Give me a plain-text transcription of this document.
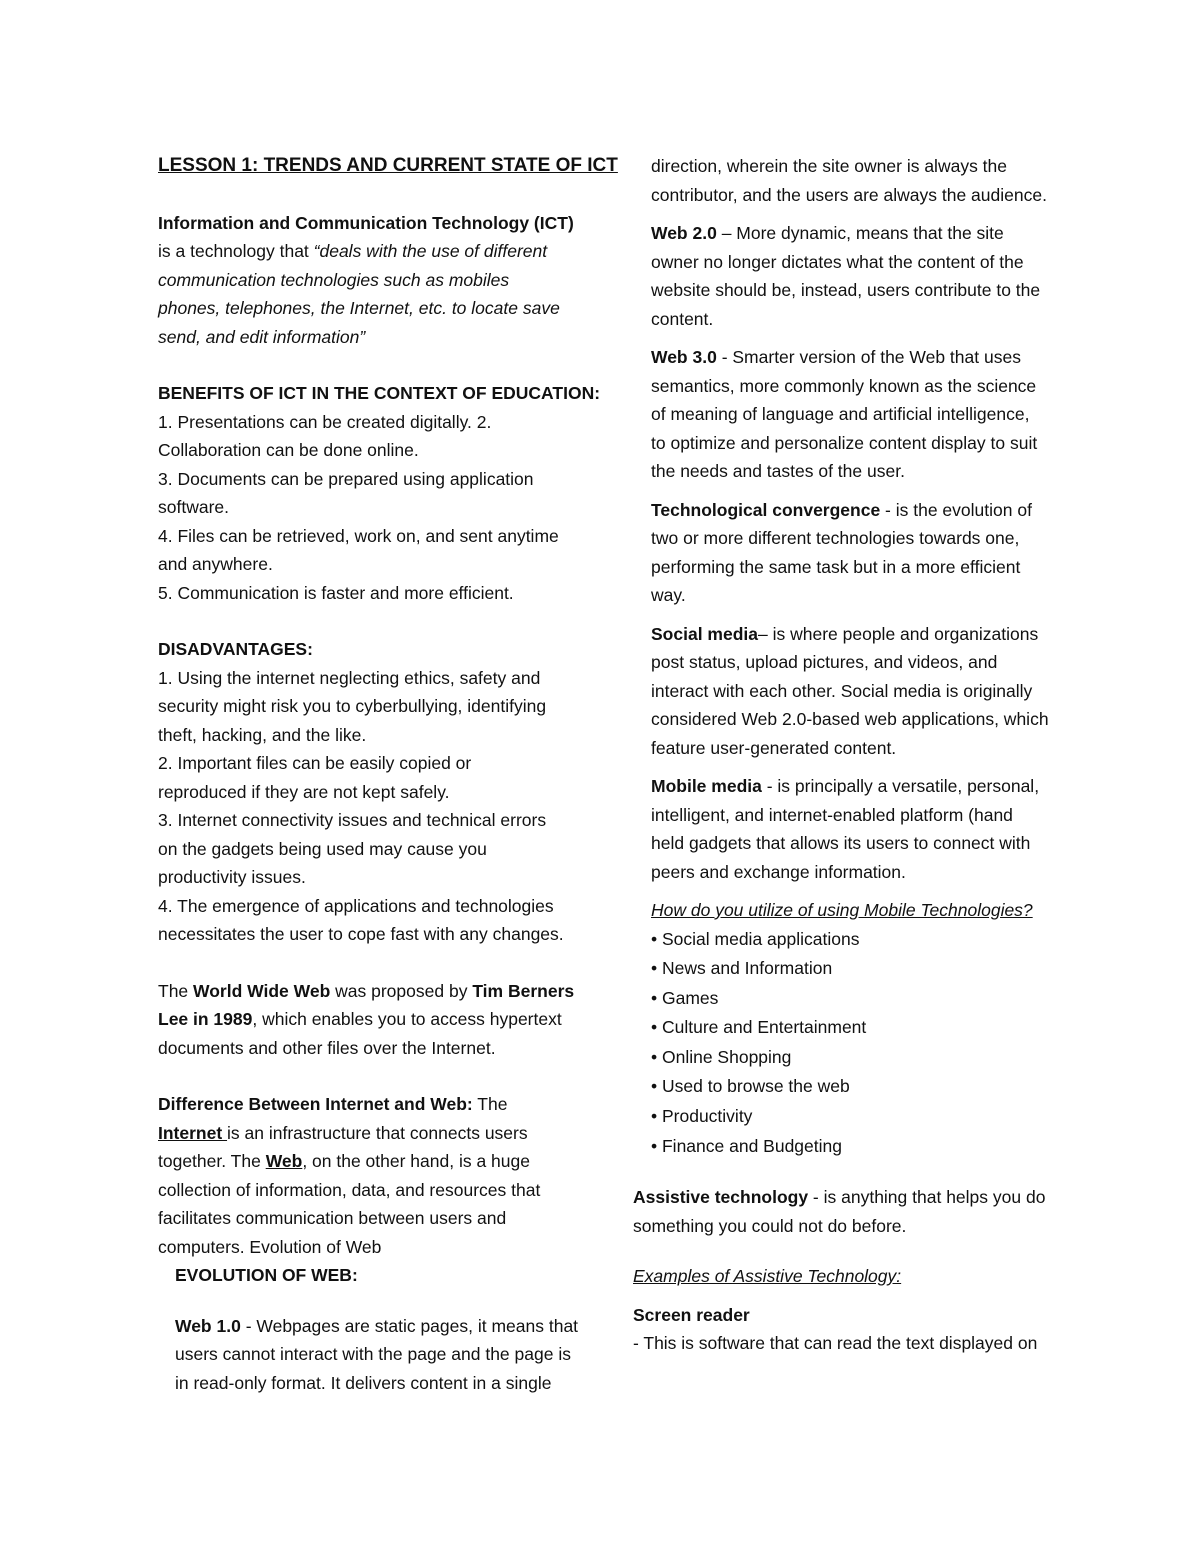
LESSON 1: TRENDS AND CURRENT STATE OF ICT
Information and Communication Technology (ICT)
is a technology that “deals with the use of different
communication technologies such as mobiles
phones, telephones, the Internet, etc. to locate save
send, and edit information”
BENEFITS OF ICT IN THE CONTEXT OF EDUCATION:
1. Presentations can be created digitally. 2.
Collaboration can be done online.
3. Documents can be prepared using application
software.
4. Files can be retrieved, work on, and sent anytime
and anywhere.
5. Communication is faster and more efficient.
DISADVANTAGES:
1. Using the internet neglecting ethics, safety and
security might risk you to cyberbullying, identifying
theft, hacking, and the like.
2. Important files can be easily copied or
reproduced if they are not kept safely.
3. Internet connectivity issues and technical errors
on the gadgets being used may cause you
productivity issues.
4. The emergence of applications and technologies
necessitates the user to cope fast with any changes.
The World Wide Web was proposed by Tim Berners
Lee in 1989, which enables you to access hypertext
documents and other files over the Internet.
Difference Between Internet and Web: The
Internet is an infrastructure that connects users
together. The Web, on the other hand, is a huge
collection of information, data, and resources that
facilitates communication between users and
computers. Evolution of Web
EVOLUTION OF WEB:
Web 1.0 - Webpages are static pages, it means that
users cannot interact with the page and the page is
in read-only format. It delivers content in a single
direction, wherein the site owner is always the
contributor, and the users are always the audience.
Web 2.0 – More dynamic, means that the site
owner no longer dictates what the content of the
website should be, instead, users contribute to the
content.
Web 3.0 - Smarter version of the Web that uses
semantics, more commonly known as the science
of meaning of language and artificial intelligence,
to optimize and personalize content display to suit
the needs and tastes of the user.
Technological convergence - is the evolution of
two or more different technologies towards one,
performing the same task but in a more efficient
way.
Social media– is where people and organizations
post status, upload pictures, and videos, and
interact with each other. Social media is originally
considered Web 2.0-based web applications, which
feature user-generated content.
Mobile media - is principally a versatile, personal,
intelligent, and internet-enabled platform (hand
held gadgets that allows its users to connect with
peers and exchange information.
How do you utilize of using Mobile Technologies?
• Social media applications
• News and Information
• Games
• Culture and Entertainment
• Online Shopping
• Used to browse the web
• Productivity
• Finance and Budgeting
Assistive technology - is anything that helps you do
something you could not do before.
Examples of Assistive Technology:
Screen reader
- This is software that can read the text displayed on
